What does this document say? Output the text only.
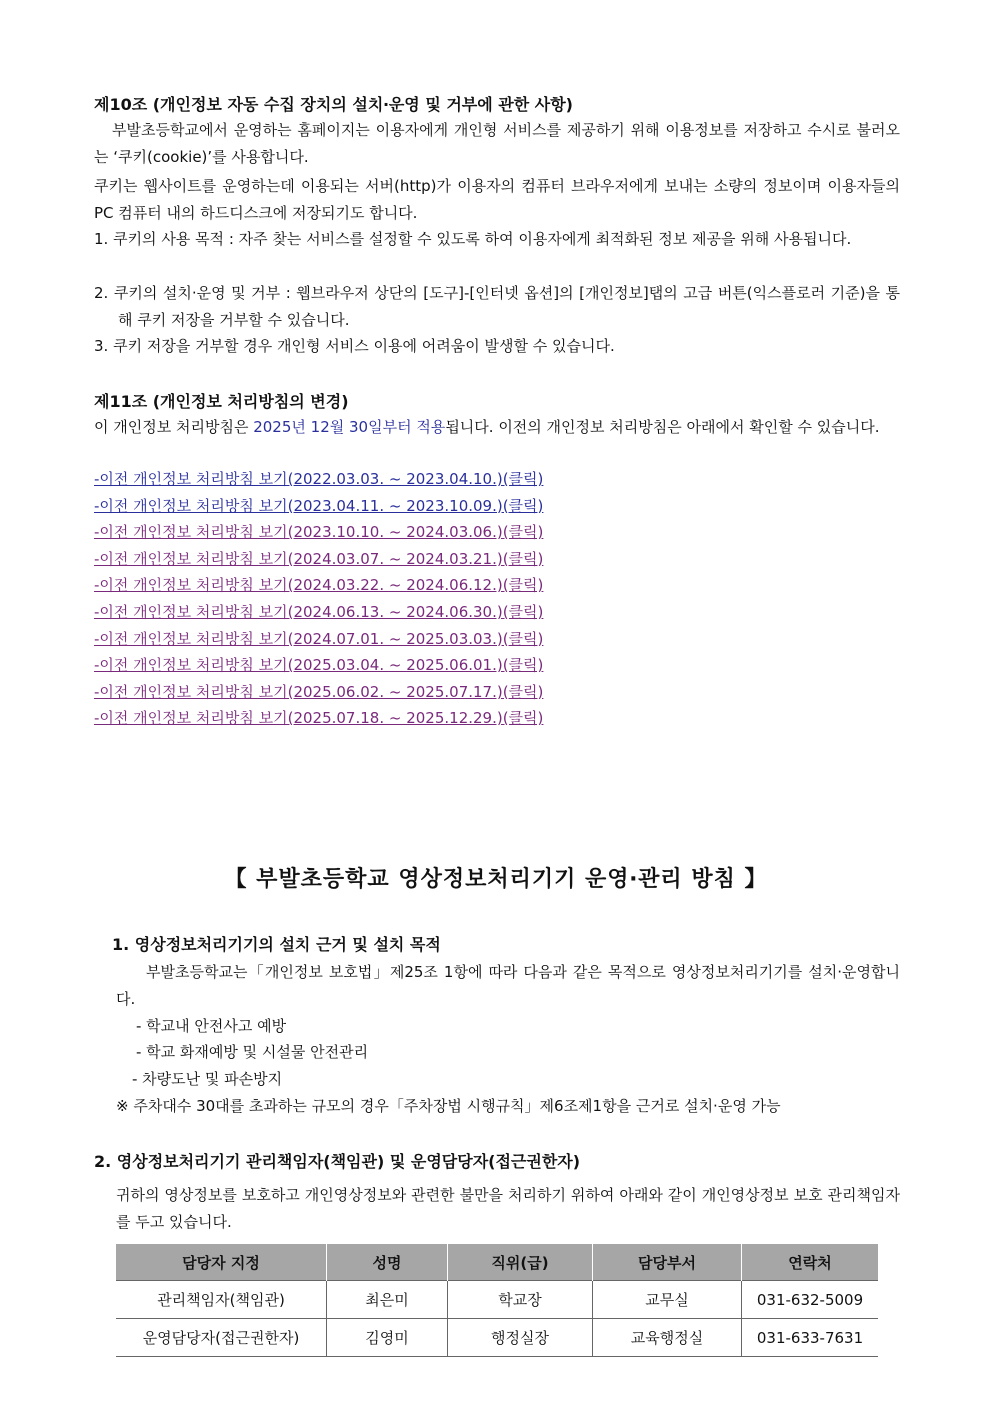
제10조 (개인정보 자동 수집 장치의 설치‧운영 및 거부에 관한 사항)
부발초등학교에서 운영하는 홈페이지는 이용자에게 개인형 서비스를 제공하기 위해 이용정보를 저장하고 수시로 불러오는 ‘쿠키(cookie)’를 사용합니다.
쿠키는 웹사이트를 운영하는데 이용되는 서버(http)가 이용자의 컴퓨터 브라우저에게 보내는 소량의 정보이며 이용자들의 PC 컴퓨터 내의 하드디스크에 저장되기도 합니다.
1. 쿠키의 사용 목적 : 자주 찾는 서비스를 설정할 수 있도록 하여 이용자에게 최적화된 정보 제공을 위해 사용됩니다.
2. 쿠키의 설치‧운영 및 거부 : 웹브라우저 상단의 [도구]-[인터넷 옵션]의 [개인정보]탭의 고급 버튼(익스플로러 기준)을 통해 쿠키 저장을 거부할 수 있습니다.
3. 쿠키 저장을 거부할 경우 개인형 서비스 이용에 어려움이 발생할 수 있습니다.
제11조 (개인정보 처리방침의 변경)
이 개인정보 처리방침은 2025년 12월 30일부터 적용됩니다. 이전의 개인정보 처리방침은 아래에서 확인할 수 있습니다.
-이전 개인정보 처리방침 보기(2022.03.03. ~ 2023.04.10.)(클릭)
-이전 개인정보 처리방침 보기(2023.04.11. ~ 2023.10.09.)(클릭)
-이전 개인정보 처리방침 보기(2023.10.10. ~ 2024.03.06.)(클릭)
-이전 개인정보 처리방침 보기(2024.03.07. ~ 2024.03.21.)(클릭)
-이전 개인정보 처리방침 보기(2024.03.22. ~ 2024.06.12.)(클릭)
-이전 개인정보 처리방침 보기(2024.06.13. ~ 2024.06.30.)(클릭)
-이전 개인정보 처리방침 보기(2024.07.01. ~ 2025.03.03.)(클릭)
-이전 개인정보 처리방침 보기(2025.03.04. ~ 2025.06.01.)(클릭)
-이전 개인정보 처리방침 보기(2025.06.02. ~ 2025.07.17.)(클릭)
-이전 개인정보 처리방침 보기(2025.07.18. ~ 2025.12.29.)(클릭)
【 부발초등학교 영상정보처리기기 운영‧관리 방침 】
1. 영상정보처리기기의 설치 근거 및 설치 목적
부발초등학교는「개인정보 보호법」제25조 1항에 따라 다음과 같은 목적으로 영상정보처리기기를 설치‧운영합니다.
- 학교내 안전사고 예방
- 학교 화재예방 및 시설물 안전관리
- 차량도난 및 파손방지
※ 주차대수 30대를 초과하는 규모의 경우「주차장법 시행규칙」제6조제1항을 근거로 설치‧운영 가능
2. 영상정보처리기기 관리책임자(책임관) 및 운영담당자(접근권한자)
귀하의 영상정보를 보호하고 개인영상정보와 관련한 불만을 처리하기 위하여 아래와 같이 개인영상정보 보호 관리책임자를 두고 있습니다.
담당자 지정	성명	직위(급)	담당부서	연락처
관리책임자(책임관)	최은미	학교장	교무실	031-632-5009
운영담당자(접근권한자)	김영미	행정실장	교육행정실	031-633-7631
